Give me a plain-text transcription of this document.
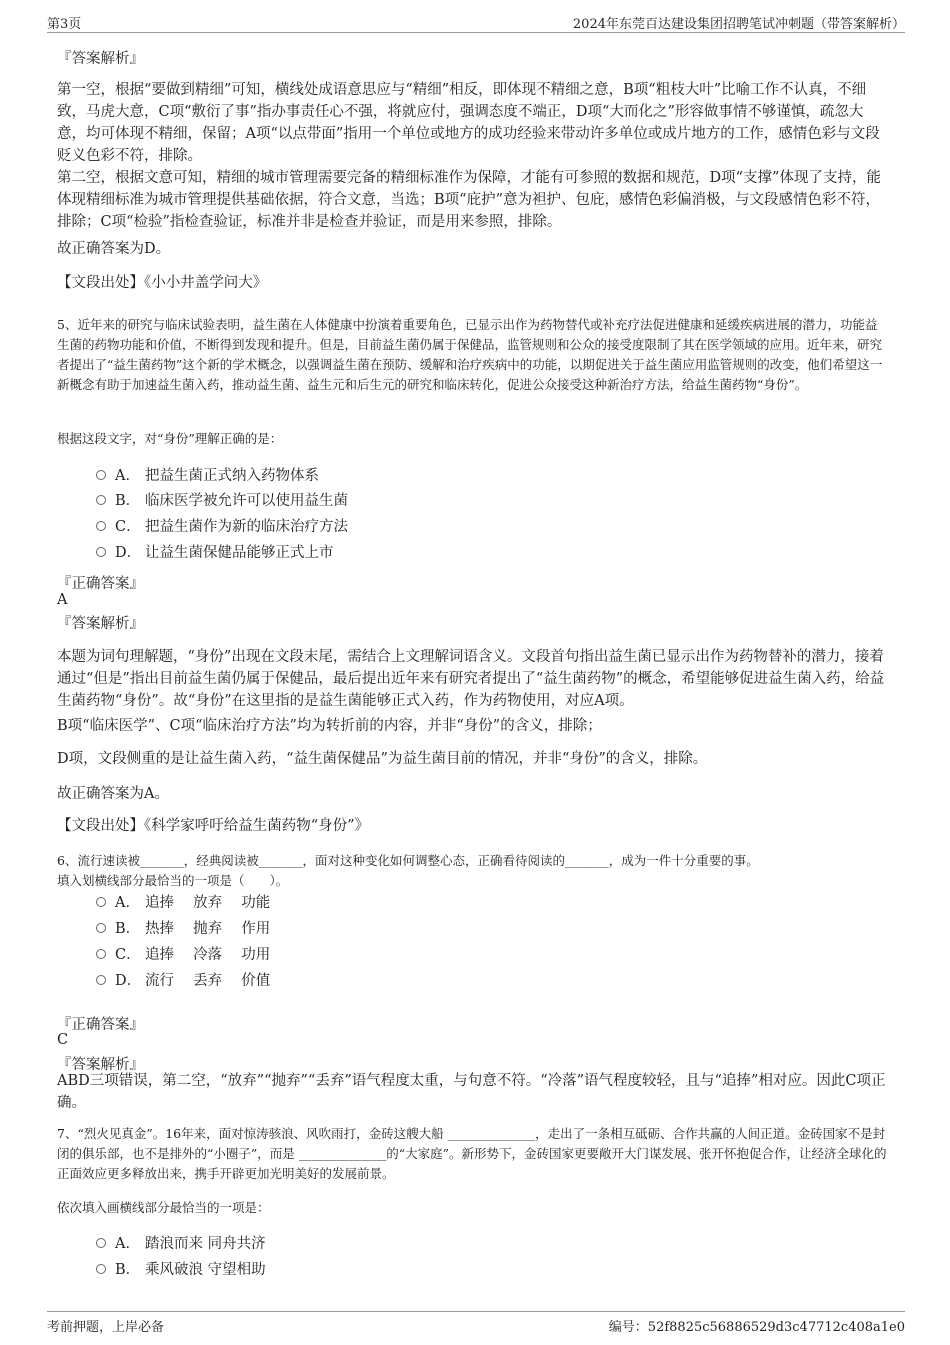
第3页	2024年东莞百达建设集团招聘笔试冲刺题（带答案解析）
『答案解析』
第一空，根据“要做到精细”可知，横线处成语意思应与“精细”相反，即体现不精细之意，B项“粗枝大叶”比喻工作不认真，不细致，马虎大意，C项“敷衍了事”指办事责任心不强，将就应付，强调态度不端正，D项“大而化之”形容做事情不够谨慎，疏忽大意，均可体现不精细，保留；A项“以点带面”指用一个单位或地方的成功经验来带动许多单位或成片地方的工作，感情色彩与文段贬义色彩不符，排除。
第二空，根据文意可知，精细的城市管理需要完备的精细标准作为保障，才能有可参照的数据和规范，D项“支撑”体现了支持，能体现精细标准为城市管理提供基础依据，符合文意，当选；B项“庇护”意为袒护、包庇，感情色彩偏消极，与文段感情色彩不符，排除；C项“检验”指检查验证，标准并非是检查并验证，而是用来参照，排除。
故正确答案为D。
【文段出处】《小小井盖学问大》
5、近年来的研究与临床试验表明，益生菌在人体健康中扮演着重要角色，已显示出作为药物替代或补充疗法促进健康和延缓疾病进展的潜力，功能益生菌的药物功能和价值，不断得到发现和提升。但是，目前益生菌仍属于保健品，监管规则和公众的接受度限制了其在医学领域的应用。近年来，研究者提出了“益生菌药物”这个新的学术概念，以强调益生菌在预防、缓解和治疗疾病中的功能，以期促进关于益生菌应用监管规则的改变，他们希望这一新概念有助于加速益生菌入药，推动益生菌、益生元和后生元的研究和临床转化，促进公众接受这种新治疗方法，给益生菌药物“身份”。
根据这段文字，对“身份”理解正确的是：
A． 把益生菌正式纳入药物体系
B． 临床医学被允许可以使用益生菌
C． 把益生菌作为新的临床治疗方法
D． 让益生菌保健品能够正式上市
『正确答案』
A
『答案解析』
本题为词句理解题，“身份”出现在文段末尾，需结合上文理解词语含义。文段首句指出益生菌已显示出作为药物替补的潜力，接着通过“但是”指出目前益生菌仍属于保健品，最后提出近年来有研究者提出了“益生菌药物”的概念，希望能够促进益生菌入药，给益生菌药物“身份”。故“身份”在这里指的是益生菌能够正式入药，作为药物使用，对应A项。
B项“临床医学”、C项“临床治疗方法”均为转折前的内容，并非“身份”的含义，排除；
D项，文段侧重的是让益生菌入药，“益生菌保健品”为益生菌目前的情况，并非“身份”的含义，排除。
故正确答案为A。
【文段出处】《科学家呼吁给益生菌药物“身份”》
6、流行速读被_______，经典阅读被_______，面对这种变化如何调整心态，正确看待阅读的_______，成为一件十分重要的事。
填入划横线部分最恰当的一项是（　　）。
A． 追捧　 放弃　 功能
B． 热捧　 抛弃　 作用
C． 追捧　 冷落　 功用
D． 流行　 丢弃　 价值
『正确答案』
C
『答案解析』
ABD三项错误，第二空，“放弃”“抛弃”“丢弃”语气程度太重，与句意不符。“冷落”语气程度较轻，且与“追捧”相对应。因此C项正确。
7、“烈火见真金”。16年来，面对惊涛骇浪、风吹雨打，金砖这艘大船 ______________，走出了一条相互砥砺、合作共赢的人间正道。金砖国家不是封闭的俱乐部，也不是排外的“小圈子”，而是 ______________的“大家庭”。新形势下，金砖国家更要敞开大门谋发展、张开怀抱促合作，让经济全球化的正面效应更多释放出来，携手开辟更加光明美好的发展前景。
依次填入画横线部分最恰当的一项是：
A． 踏浪而来 同舟共济
B． 乘风破浪 守望相助
考前押题，上岸必备	编号：52f8825c56886529d3c47712c408a1e0
